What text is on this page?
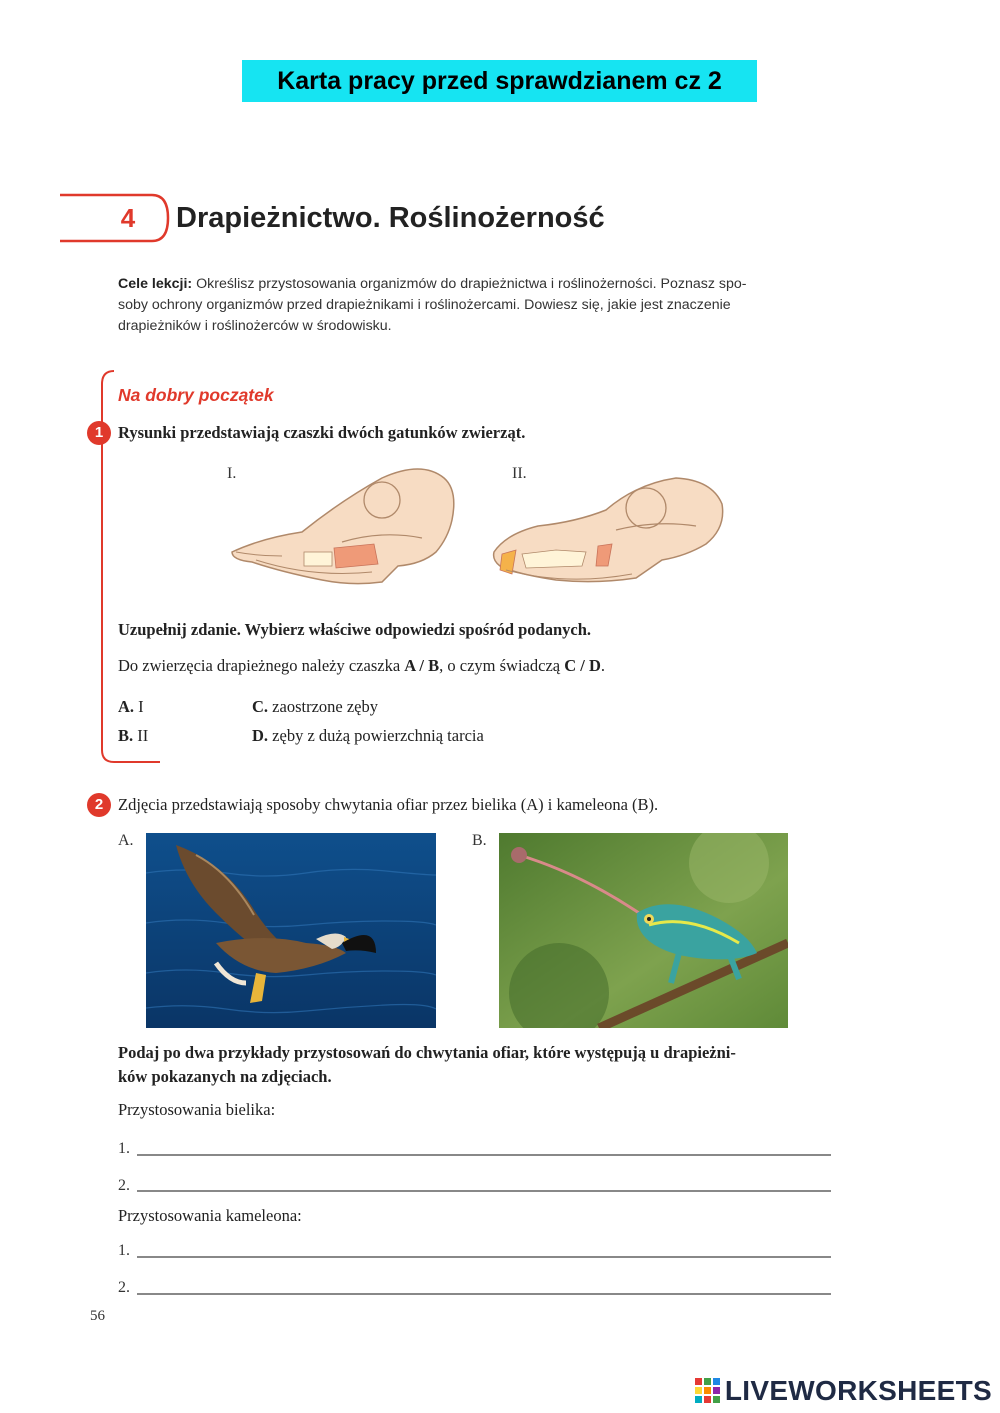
Karta pracy przed sprawdzianem cz 2
4	Drapieżnictwo. Roślinożerność
Cele lekcji: Określisz przystosowania organizmów do drapieżnictwa i roślinożerności. Poznasz spo-
soby ochrony organizmów przed drapieżnikami i roślinożercami. Dowiesz się, jakie jest znaczenie
drapieżników i roślinożerców w środowisku.
Na dobry początek
1 Rysunki przedstawiają czaszki dwóch gatunków zwierząt.
I.	II.
Uzupełnij zdanie. Wybierz właściwe odpowiedzi spośród podanych.
Do zwierzęcia drapieżnego należy czaszka A / B, o czym świadczą C / D.
A. I
B. II
C. zaostrzone zęby
D. zęby z dużą powierzchnią tarcia
2 Zdjęcia przedstawiają sposoby chwytania ofiar przez bielika (A) i kameleona (B).
A.	B.
Podaj po dwa przykłady przystosowań do chwytania ofiar, które występują u drapieżni-
ków pokazanych na zdjęciach.
Przystosowania bielika:
1.
2.
Przystosowania kameleona:
1.
2.
56
LIVEWORKSHEETS
